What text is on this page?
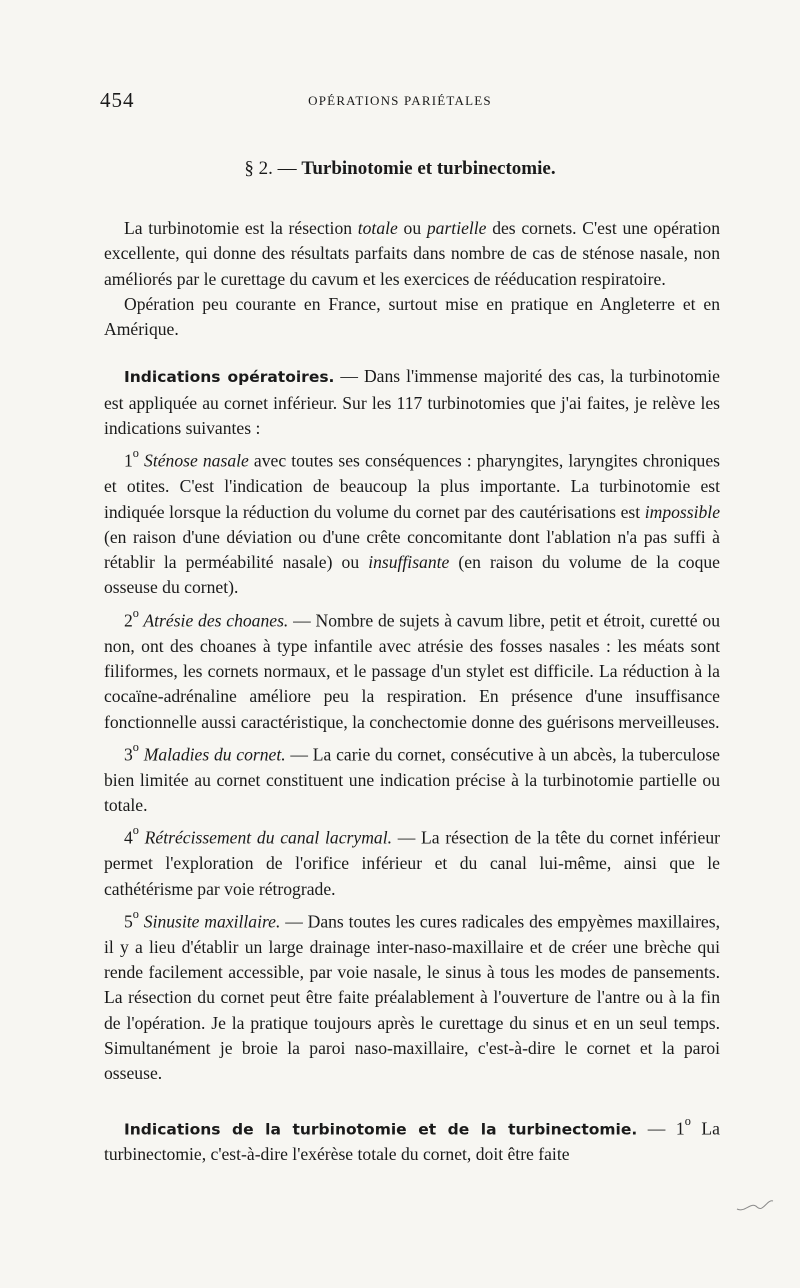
454	OPÉRATIONS PARIÉTALES
§ 2. — Turbinotomie et turbinectomie.

La turbinotomie est la résection totale ou partielle des cornets. C'est une opération excellente, qui donne des résultats parfaits dans nombre de cas de sténose nasale, non améliorés par le curettage du cavum et les exercices de rééducation respiratoire.

Opération peu courante en France, surtout mise en pratique en Angleterre et en Amérique.

Indications opératoires. — Dans l'immense majorité des cas, la turbinotomie est appliquée au cornet inférieur. Sur les 117 turbinotomies que j'ai faites, je relève les indications suivantes :

1$^o$ Sténose nasale avec toutes ses conséquences : pharyngites, laryngites chroniques et otites. C'est l'indication de beaucoup la plus importante. La turbinotomie est indiquée lorsque la réduction du volume du cornet par des cautérisations est impossible (en raison d'une déviation ou d'une crête concomitante dont l'ablation n'a pas suffi à rétablir la perméabilité nasale) ou insuffisante (en raison du volume de la coque osseuse du cornet).

2$^o$ Atrésie des choanes. — Nombre de sujets à cavum libre, petit et étroit, curetté ou non, ont des choanes à type infantile avec atrésie des fosses nasales : les méats sont filiformes, les cornets normaux, et le passage d'un stylet est difficile. La réduction à la cocaïne-adrénaline améliore peu la respiration. En présence d'une insuffisance fonctionnelle aussi caractéristique, la conchectomie donne des guérisons merveilleuses.

3$^o$ Maladies du cornet. — La carie du cornet, consécutive à un abcès, la tuberculose bien limitée au cornet constituent une indication précise à la turbinotomie partielle ou totale.

4$^o$ Rétrécissement du canal lacrymal. — La résection de la tête du cornet inférieur permet l'exploration de l'orifice inférieur et du canal lui-même, ainsi que le cathétérisme par voie rétrograde.

5$^o$ Sinusite maxillaire. — Dans toutes les cures radicales des empyèmes maxillaires, il y a lieu d'établir un large drainage inter-naso-maxillaire et de créer une brèche qui rende facilement accessible, par voie nasale, le sinus à tous les modes de pansements. La résection du cornet peut être faite préalablement à l'ouverture de l'antre ou à la fin de l'opération. Je la pratique toujours après le curettage du sinus et en un seul temps. Simultanément je broie la paroi naso-maxillaire, c'est-à-dire le cornet et la paroi osseuse.

Indications de la turbinotomie et de la turbinectomie. — 1$^o$ La turbinectomie, c'est-à-dire l'exérèse totale du cornet, doit être faite
